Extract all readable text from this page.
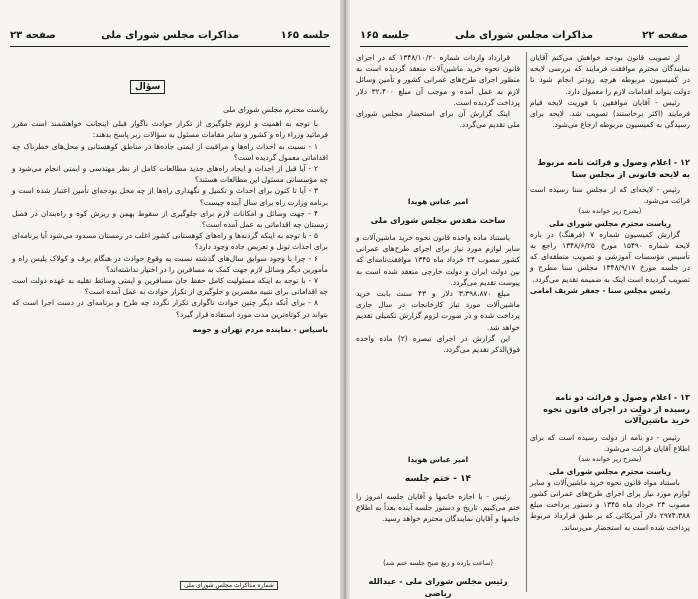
جلسه ۱۶۵
مذاکرات مجلس شورای ملی
صفحه ۲۳
سؤال

ریاست محترم مجلس شورای ملی

با توجه به اهمیت و لزوم جلوگیری از تکرار حوادث ناگوار قبلی اینجانب خواهشمند است مقرر فرمائید وزراء راه و کشور و سایر مقامات مسئول به سؤالات زیر پاسخ بدهند:

۱ - نسبت به احداث راه‌ها و مراقبت از ایمنی جاده‌ها در مناطق کوهستانی و محل‌های خطرناک چه اقداماتی معمول گردیده است؟

۲ - آیا قبل از احداث و ایجاد راه‌های جدید مطالعات کامل از نظر مهندسی و ایمنی انجام می‌شود و چه مؤسساتی مسئول این مطالعات هستند؟

۳ - آیا تا کنون برای احداث و تکمیل و نگهداری راه‌ها از چه محل بودجه‌ای تأمین اعتبار شده است و برنامه وزارت راه برای سال آینده چیست؟

۴ - جهت وسائل و امکانات لازم برای جلوگیری از سقوط بهمن و ریزش کوه و راه‌بندان در فصل زمستان چه اقداماتی به عمل آمده است؟

۵ - با توجه به اینکه گردنه‌ها و راه‌های کوهستانی کشور اغلب در زمستان مسدود می‌شود آیا برنامه‌ای برای احداث تونل و تعریض جاده وجود دارد؟

۶ - چرا با وجود سوابق سال‌های گذشته نسبت به وقوع حوادث در هنگام برف و کولاک پلیس راه و مأمورین دیگر وسائل لازم جهت کمک به مسافرین را در اختیار نداشته‌اند؟

۷ - با توجه به اینکه مسئولیت کامل حفظ جان مسافرین و ایمنی وسائط نقلیه به عهده دولت است چه اقداماتی برای تنبیه مقصرین و جلوگیری از تکرار حوادث به عمل آمده است؟

۸ - برای آنکه دیگر چنین حوادث ناگواری تکرار نگردد چه طرح و برنامه‌ای در دست اجرا است که بتواند در کوتاه‌ترین مدت مورد استفاده قرار گیرد؟

باسپاس - نماینده مردم تهران و حومه

شماره مذاکرات مجلس شورای ملی
صفحه ۲۲
مذاکرات مجلس شورای ملی
جلسه ۱۶۵

از تصویب قانون بودجه خواهش می‌کنم آقایان نمایندگان محترم موافقت فرمایند که بررسی لایحه در کمیسیون مربوطه هرچه زودتر انجام شود تا دولت بتواند اقدامات لازم را معمول دارد.

رئیس - آقایان موافقین با فوریت لایحه قیام فرمایند (اکثر برخاستند) تصویب شد. لایحه برای رسیدگی به کمیسیون مربوطه ارجاع می‌شود.

۱۲ - اعلام وصول و قرائت نامه مربوط به لایحه قانونی از مجلس سنا

رئیس - لایحه‌ای که از مجلس سنا رسیده است قرائت می‌شود.

(بشرح زیر خوانده شد)

ریاست محترم مجلس شورای ملی

گزارش کمیسیون شماره ۷ (فرهنگ) در باره لایحه شماره ۱۵۴۹۰ مورخ ۱۳۴۸/۶/۲۵ راجع به تأسیس مؤسسات آموزشی و تصویب منطقه‌ای که در جلسه مورخ ۱۳۴۸/۹/۱۷ مجلس سنا مطرح و تصویب گردیده است اینک به ضمیمه تقدیم می‌گردد.

رئیس مجلس سنا - جعفر شریف امامی

۱۳ - اعلام وصول و قرائت دو نامه رسیده از دولت در اجرای قانون نحوه خرید ماشین‌آلات

رئیس - دو نامه از دولت رسیده است که برای اطلاع آقایان قرائت می‌شود.

(بشرح زیر خوانده شد)

ریاست محترم مجلس شورای ملی

باستناد مواد قانون نحوه خرید ماشین‌آلات و سایر لوازم مورد نیاز برای اجرای طرح‌های عمرانی کشور مصوب ۲۴ خرداد ماه ۱۳۴۵ و دستور پرداخت مبلغ ۲۹۷۴،۳۸۸ دلار آمریکائی که بر طبق قرارداد مربوط پرداخت شده است به استحضار می‌رساند.

قرارداد واردات شماره ۱۳۴۸/۱۰/۲۰ که در اجرای قانون نحوه خرید ماشین‌آلات منعقد گردیده است به منظور اجرای طرح‌های عمرانی کشور و تأمین وسائل لازم به عمل آمده و موجب آن مبلغ ۳۲،۴۰۰ دلار پرداخت گردیده است.

اینک گزارش آن برای استحضار مجلس شورای ملی تقدیم می‌گردد.

امیر عباس هویدا

ساحت مقدس مجلس شورای ملی

باستناد ماده واحده قانون نحوه خرید ماشین‌آلات و سایر لوازم مورد نیاز برای اجرای طرح‌های عمرانی کشور مصوب ۲۴ خرداد ماه ۱۳۴۵ موافقت‌نامه‌ای که بین دولت ایران و دولت خارجی منعقد شده است به پیوست تقدیم می‌گردد.

مبلغ ۳،۳۹۸،۸۷۰ دلار و ۴۳ سنت بابت خرید ماشین‌آلات مورد نیاز کارخانجات در سال جاری پرداخت شده و در صورت لزوم گزارش تکمیلی تقدیم خواهد شد.

این گزارش در اجرای تبصره (۲) ماده واحده فوق‌الذکر تقدیم می‌گردد.

امیر عباس هویدا

۱۴ - ختم جلسه

رئیس - با اجازه خانمها و آقایان جلسه امروز را ختم می‌کنیم. تاریخ و دستور جلسه آینده بعداً به اطلاع خانمها و آقایان نمایندگان محترم خواهد رسید.

(ساعت یازده و ربع صبح جلسه ختم شد)

رئیس مجلس شورای ملی - عبدالله ریاضی
